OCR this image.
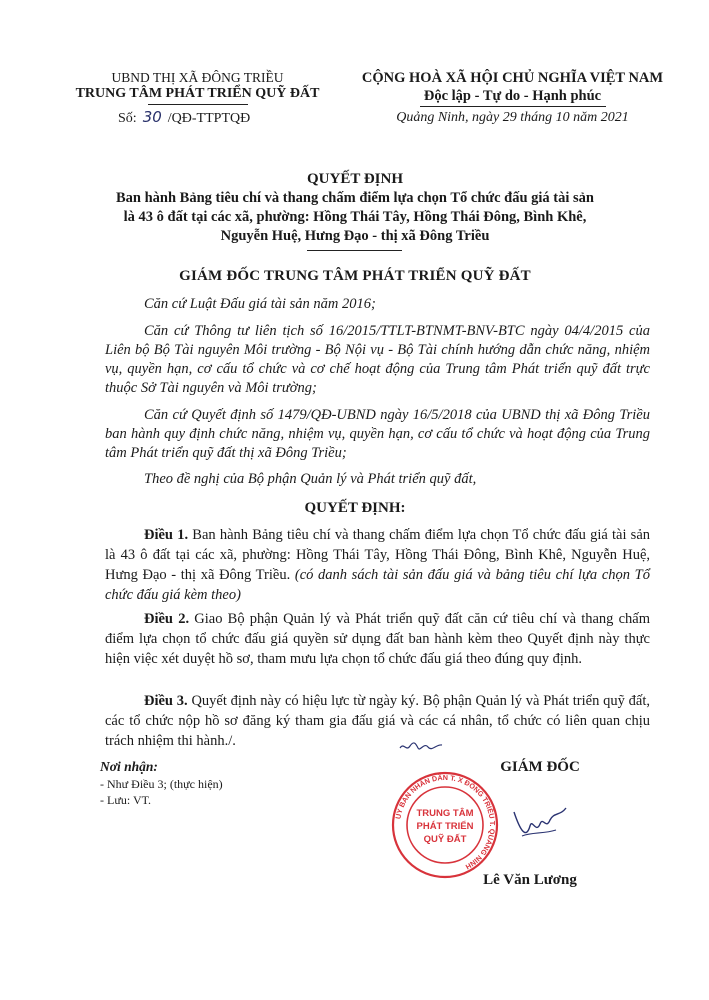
UBND THỊ XÃ ĐÔNG TRIỀU
TRUNG TÂM PHÁT TRIỂN QUỸ ĐẤT
Số: 30 /QĐ-TTPTQĐ
CỘNG HOÀ XÃ HỘI CHỦ NGHĨA VIỆT NAM
Độc lập - Tự do - Hạnh phúc
Quảng Ninh, ngày 29 tháng 10 năm 2021
QUYẾT ĐỊNH
Ban hành Bảng tiêu chí và thang chấm điểm lựa chọn Tổ chức đấu giá tài sản
là 43 ô đất tại các xã, phường: Hồng Thái Tây, Hồng Thái Đông, Bình Khê,
Nguyễn Huệ, Hưng Đạo - thị xã Đông Triều
GIÁM ĐỐC TRUNG TÂM PHÁT TRIỂN QUỸ ĐẤT
Căn cứ Luật Đấu giá tài sản năm 2016;
Căn cứ Thông tư liên tịch số 16/2015/TTLT-BTNMT-BNV-BTC ngày 04/4/2015 của Liên bộ Bộ Tài nguyên Môi trường - Bộ Nội vụ - Bộ Tài chính hướng dẫn chức năng, nhiệm vụ, quyền hạn, cơ cấu tổ chức và cơ chế hoạt động của Trung tâm Phát triển quỹ đất trực thuộc Sở Tài nguyên và Môi trường;
Căn cứ Quyết định số 1479/QĐ-UBND ngày 16/5/2018 của UBND thị xã Đông Triều ban hành quy định chức năng, nhiệm vụ, quyền hạn, cơ cấu tổ chức và hoạt động của Trung tâm Phát triển quỹ đất thị xã Đông Triều;
Theo đề nghị của Bộ phận Quản lý và Phát triển quỹ đất,
QUYẾT ĐỊNH:
Điều 1. Ban hành Bảng tiêu chí và thang chấm điểm lựa chọn Tổ chức đấu giá tài sản là 43 ô đất tại các xã, phường: Hồng Thái Tây, Hồng Thái Đông, Bình Khê, Nguyễn Huệ, Hưng Đạo - thị xã Đông Triều. (có danh sách tài sản đấu giá và bảng tiêu chí lựa chọn Tổ chức đấu giá kèm theo)
Điều 2. Giao Bộ phận Quản lý và Phát triển quỹ đất căn cứ tiêu chí và thang chấm điểm lựa chọn tổ chức đấu giá quyền sử dụng đất ban hành kèm theo Quyết định này thực hiện việc xét duyệt hồ sơ, tham mưu lựa chọn tổ chức đấu giá theo đúng quy định.
Điều 3. Quyết định này có hiệu lực từ ngày ký. Bộ phận Quản lý và Phát triển quỹ đất, các tổ chức nộp hồ sơ đăng ký tham gia đấu giá và các cá nhân, tổ chức có liên quan chịu trách nhiệm thi hành./.
Nơi nhận:
- Như Điều 3; (thực hiện)
- Lưu: VT.
GIÁM ĐỐC
UY BAN NHÂN DÂN T. X ĐÔNG TRIỀU T. QUẢNG NINH
TRUNG TÂM
PHÁT TRIỂN
QUỸ ĐẤT
Lê Văn Lương
